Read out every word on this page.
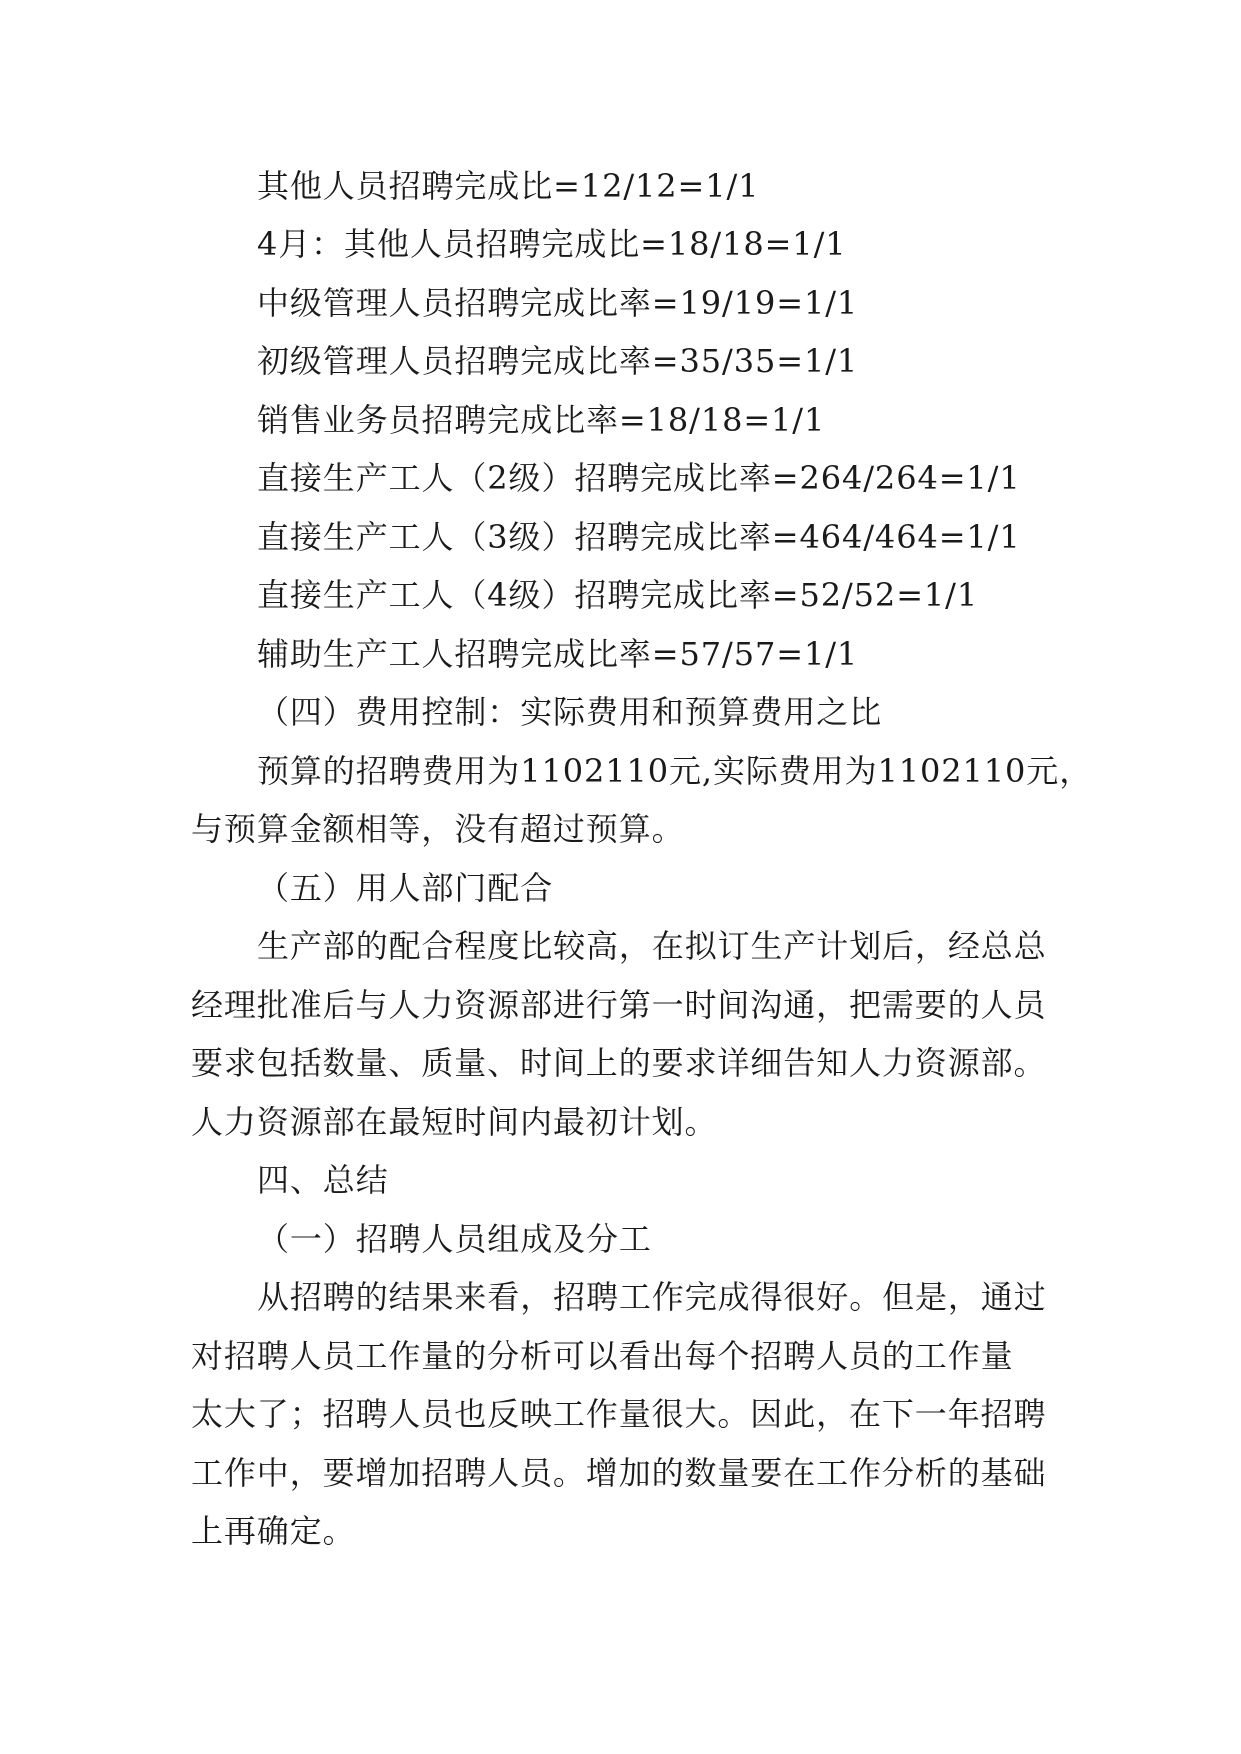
其他人员招聘完成比=12/12=1/1
4月：其他人员招聘完成比=18/18=1/1
中级管理人员招聘完成比率=19/19=1/1
初级管理人员招聘完成比率=35/35=1/1
销售业务员招聘完成比率=18/18=1/1
直接生产工人（2级）招聘完成比率=264/264=1/1
直接生产工人（3级）招聘完成比率=464/464=1/1
直接生产工人（4级）招聘完成比率=52/52=1/1
辅助生产工人招聘完成比率=57/57=1/1
（四）费用控制：实际费用和预算费用之比
预算的招聘费用为1102110元,实际费用为1102110元，
与预算金额相等，没有超过预算。
（五）用人部门配合
生产部的配合程度比较高，在拟订生产计划后，经总总
经理批准后与人力资源部进行第一时间沟通，把需要的人员
要求包括数量、质量、时间上的要求详细告知人力资源部。
人力资源部在最短时间内最初计划。
四、总结
（一）招聘人员组成及分工
从招聘的结果来看，招聘工作完成得很好。但是，通过
对招聘人员工作量的分析可以看出每个招聘人员的工作量
太大了；招聘人员也反映工作量很大。因此，在下一年招聘
工作中，要增加招聘人员。增加的数量要在工作分析的基础
上再确定。
